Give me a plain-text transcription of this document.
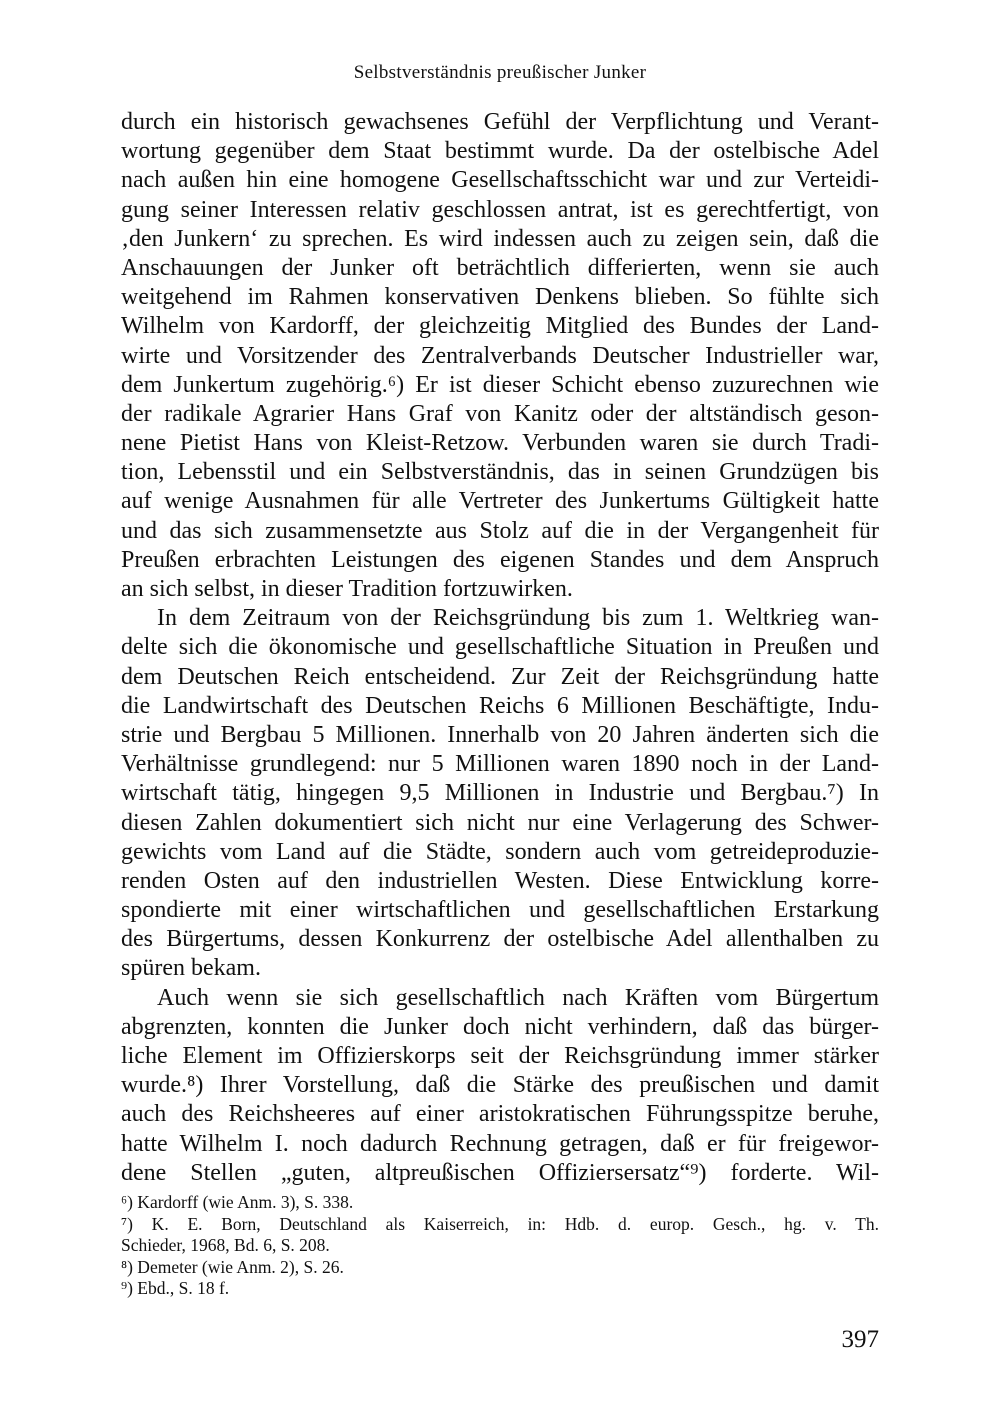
Selbstverständnis preußischer Junker

durch ein historisch gewachsenes Gefühl der Verpflichtung und Verant-

wortung gegenüber dem Staat bestimmt wurde. Da der ostelbische Adel

nach außen hin eine homogene Gesellschaftsschicht war und zur Verteidi-

gung seiner Interessen relativ geschlossen antrat, ist es gerechtfertigt, von

‚den Junkern‘ zu sprechen. Es wird indessen auch zu zeigen sein, daß die

Anschauungen der Junker oft beträchtlich differierten, wenn sie auch

weitgehend im Rahmen konservativen Denkens blieben. So fühlte sich

Wilhelm von Kardorff, der gleichzeitig Mitglied des Bundes der Land-

wirte und Vorsitzender des Zentralverbands Deutscher Industrieller war,

dem Junkertum zugehörig.⁶) Er ist dieser Schicht ebenso zuzurechnen wie

der radikale Agrarier Hans Graf von Kanitz oder der altständisch geson-

nene Pietist Hans von Kleist-Retzow. Verbunden waren sie durch Tradi-

tion, Lebensstil und ein Selbstverständnis, das in seinen Grundzügen bis

auf wenige Ausnahmen für alle Vertreter des Junkertums Gültigkeit hatte

und das sich zusammensetzte aus Stolz auf die in der Vergangenheit für

Preußen erbrachten Leistungen des eigenen Standes und dem Anspruch

an sich selbst, in dieser Tradition fortzuwirken.

In dem Zeitraum von der Reichsgründung bis zum 1. Weltkrieg wan-

delte sich die ökonomische und gesellschaftliche Situation in Preußen und

dem Deutschen Reich entscheidend. Zur Zeit der Reichsgründung hatte

die Landwirtschaft des Deutschen Reichs 6 Millionen Beschäftigte, Indu-

strie und Bergbau 5 Millionen. Innerhalb von 20 Jahren änderten sich die

Verhältnisse grundlegend: nur 5 Millionen waren 1890 noch in der Land-

wirtschaft tätig, hingegen 9,5 Millionen in Industrie und Bergbau.⁷) In

diesen Zahlen dokumentiert sich nicht nur eine Verlagerung des Schwer-

gewichts vom Land auf die Städte, sondern auch vom getreideproduzie-

renden Osten auf den industriellen Westen. Diese Entwicklung korre-

spondierte mit einer wirtschaftlichen und gesellschaftlichen Erstarkung

des Bürgertums, dessen Konkurrenz der ostelbische Adel allenthalben zu

spüren bekam.

Auch wenn sie sich gesellschaftlich nach Kräften vom Bürgertum

abgrenzten, konnten die Junker doch nicht verhindern, daß das bürger-

liche Element im Offizierskorps seit der Reichsgründung immer stärker

wurde.⁸) Ihrer Vorstellung, daß die Stärke des preußischen und damit

auch des Reichsheeres auf einer aristokratischen Führungsspitze beruhe,

hatte Wilhelm I. noch dadurch Rechnung getragen, daß er für freigewor-

dene Stellen „guten, altpreußischen Offiziersersatz“⁹) forderte. Wil-

⁶) Kardorff (wie Anm. 3), S. 338.
⁷) K. E. Born, Deutschland als Kaiserreich, in: Hdb. d. europ. Gesch., hg. v. Th.
Schieder, 1968, Bd. 6, S. 208.
⁸) Demeter (wie Anm. 2), S. 26.
⁹) Ebd., S. 18 f.
397
